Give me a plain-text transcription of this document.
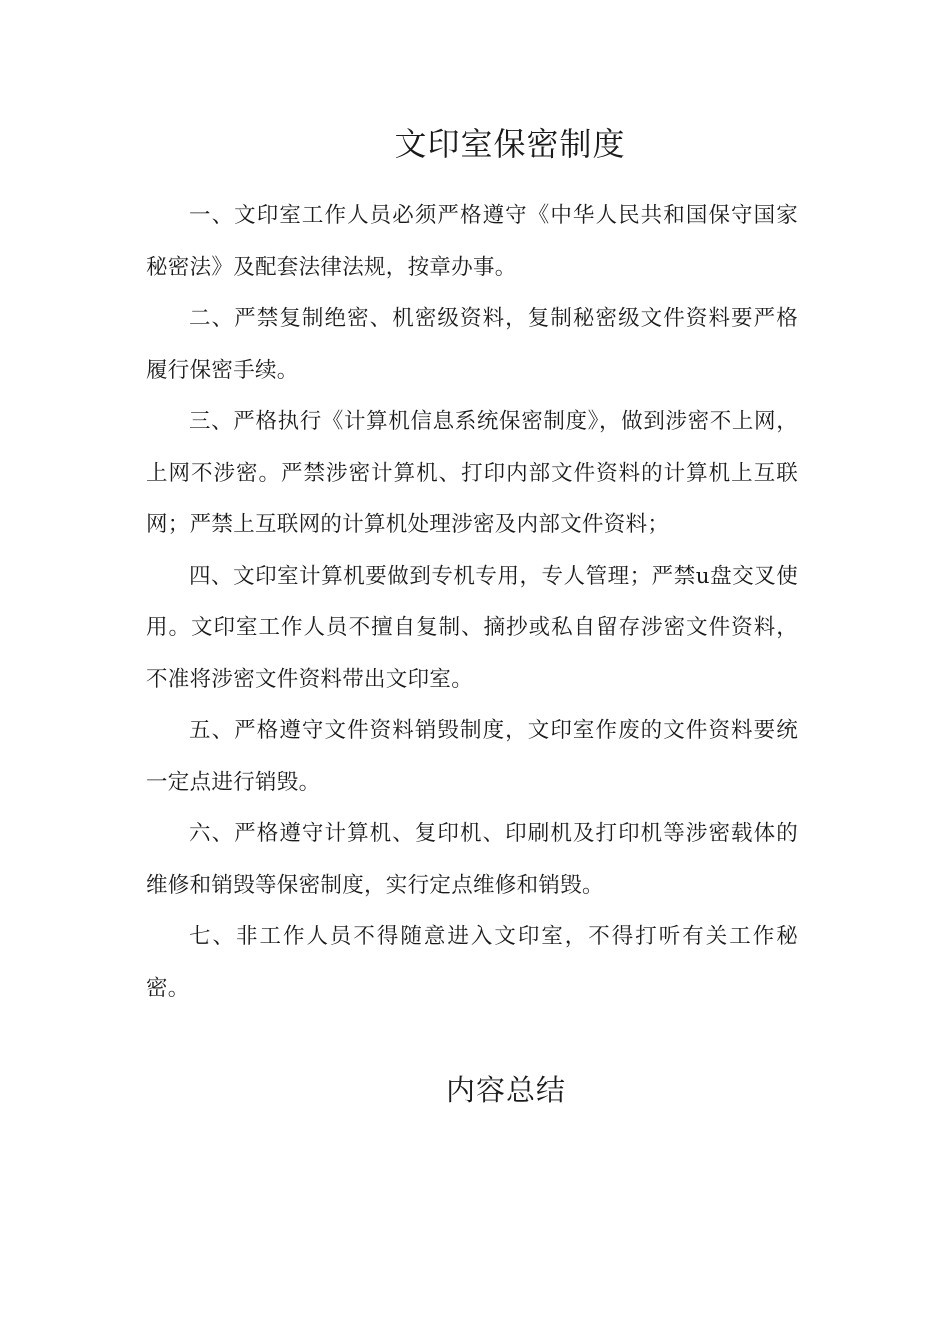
文印室保密制度

一、文印室工作人员必须严格遵守《中华人民共和国保守国家秘密法》及配套法律法规，按章办事。

二、严禁复制绝密、机密级资料，复制秘密级文件资料要严格履行保密手续。

三、严格执行《计算机信息系统保密制度》，做到涉密不上网，上网不涉密。严禁涉密计算机、打印内部文件资料的计算机上互联网；严禁上互联网的计算机处理涉密及内部文件资料；

四、文印室计算机要做到专机专用，专人管理；严禁u盘交叉使用。文印室工作人员不擅自复制、摘抄或私自留存涉密文件资料，不准将涉密文件资料带出文印室。

五、严格遵守文件资料销毁制度，文印室作废的文件资料要统一定点进行销毁。

六、严格遵守计算机、复印机、印刷机及打印机等涉密载体的维修和销毁等保密制度，实行定点维修和销毁。

七、非工作人员不得随意进入文印室，不得打听有关工作秘密。

内容总结
